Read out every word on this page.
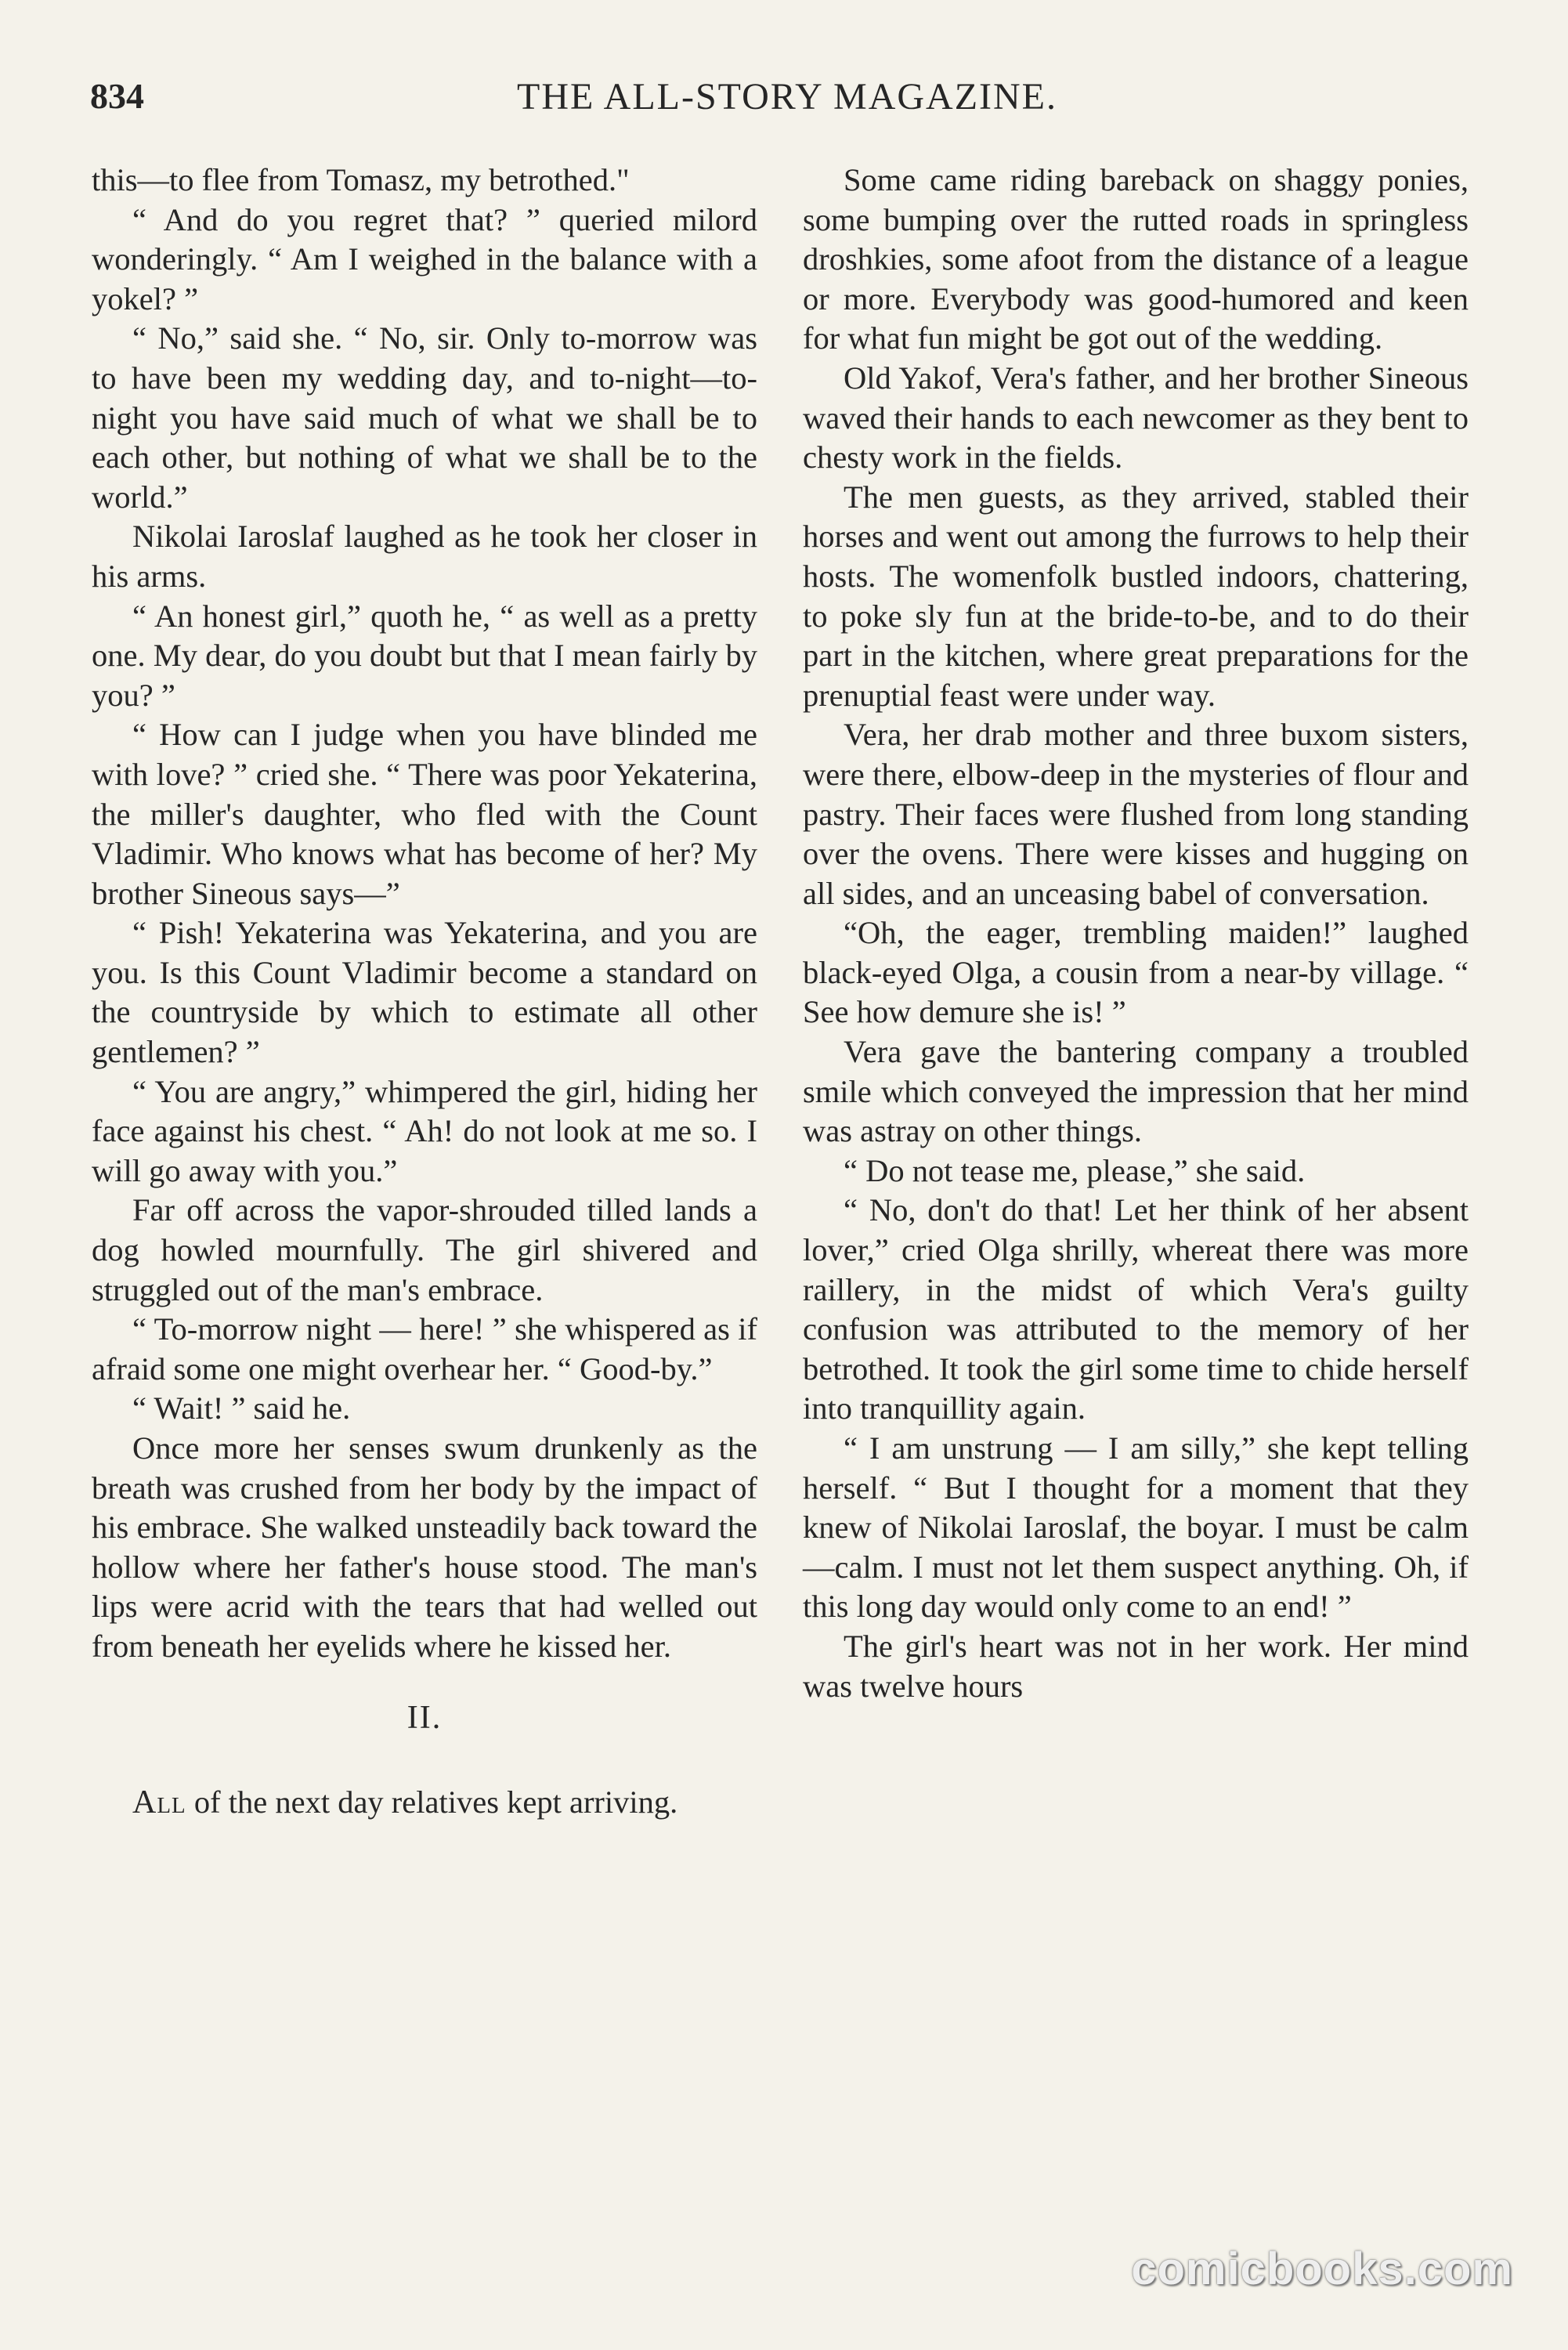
834	THE ALL-STORY MAGAZINE.

this—to flee from Tomasz, my betrothed."

“ And do you regret that? ” queried milord wonderingly. “ Am I weighed in the balance with a yokel? ”

“ No,” said she. “ No, sir. Only to-morrow was to have been my wedding day, and to-night—to-night you have said much of what we shall be to each other, but nothing of what we shall be to the world.”

Nikolai Iaroslaf laughed as he took her closer in his arms.

“ An honest girl,” quoth he, “ as well as a pretty one. My dear, do you doubt but that I mean fairly by you? ”

“ How can I judge when you have blinded me with love? ” cried she. “ There was poor Yekaterina, the miller's daughter, who fled with the Count Vladimir. Who knows what has become of her? My brother Sineous says—”

“ Pish! Yekaterina was Yekaterina, and you are you. Is this Count Vladimir become a standard on the countryside by which to estimate all other gentlemen? ”

“ You are angry,” whimpered the girl, hiding her face against his chest. “ Ah! do not look at me so. I will go away with you.”

Far off across the vapor-shrouded tilled lands a dog howled mournfully. The girl shivered and struggled out of the man's embrace.

“ To-morrow night — here! ” she whispered as if afraid some one might overhear her. “ Good-by.”

“ Wait! ” said he.

Once more her senses swum drunkenly as the breath was crushed from her body by the impact of his embrace. She walked unsteadily back toward the hollow where her father's house stood. The man's lips were acrid with the tears that had welled out from beneath her eyelids where he kissed her.

II.

All of the next day relatives kept arriving.

Some came riding bareback on shaggy ponies, some bumping over the rutted roads in springless droshkies, some afoot from the distance of a league or more. Everybody was good-humored and keen for what fun might be got out of the wedding.

Old Yakof, Vera's father, and her brother Sineous waved their hands to each newcomer as they bent to chesty work in the fields.

The men guests, as they arrived, stabled their horses and went out among the furrows to help their hosts. The womenfolk bustled indoors, chattering, to poke sly fun at the bride-to-be, and to do their part in the kitchen, where great preparations for the prenuptial feast were under way.

Vera, her drab mother and three buxom sisters, were there, elbow-deep in the mysteries of flour and pastry. Their faces were flushed from long standing over the ovens. There were kisses and hugging on all sides, and an unceasing babel of conversation.

“Oh, the eager, trembling maiden!” laughed black-eyed Olga, a cousin from a near-by village. “ See how demure she is! ”

Vera gave the bantering company a troubled smile which conveyed the impression that her mind was astray on other things.

“ Do not tease me, please,” she said.

“ No, don't do that! Let her think of her absent lover,” cried Olga shrilly, whereat there was more raillery, in the midst of which Vera's guilty confusion was attributed to the memory of her betrothed. It took the girl some time to chide herself into tranquillity again.

“ I am unstrung — I am silly,” she kept telling herself. “ But I thought for a moment that they knew of Nikolai Iaroslaf, the boyar. I must be calm—calm. I must not let them suspect anything. Oh, if this long day would only come to an end! ”

The girl's heart was not in her work. Her mind was twelve hours

comicbooks.com
